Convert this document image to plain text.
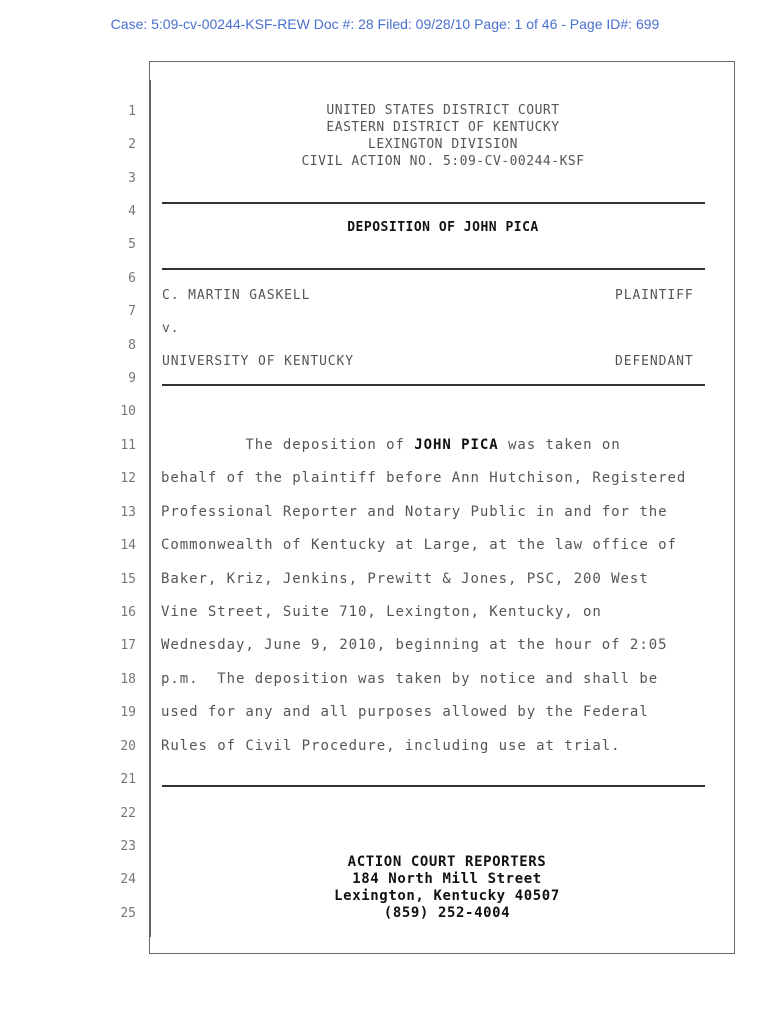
Case: 5:09-cv-00244-KSF-REW Doc #: 28 Filed: 09/28/10 Page: 1 of 46 - Page ID#: 699
1
2
3
4
5
6
7
8
9
10
11
12
13
14
15
16
17
18
19
20
21
22
23
24
25
UNITED STATES DISTRICT COURT
EASTERN DISTRICT OF KENTUCKY
LEXINGTON DIVISION
CIVIL ACTION NO. 5:09-CV-00244-KSF
DEPOSITION OF JOHN PICA
C. MARTIN GASKELL	PLAINTIFF
v.
UNIVERSITY OF KENTUCKY	DEFENDANT
The deposition of JOHN PICA was taken on
behalf of the plaintiff before Ann Hutchison, Registered
Professional Reporter and Notary Public in and for the
Commonwealth of Kentucky at Large, at the law office of
Baker, Kriz, Jenkins, Prewitt & Jones, PSC, 200 West
Vine Street, Suite 710, Lexington, Kentucky, on
Wednesday, June 9, 2010, beginning at the hour of 2:05
p.m.  The deposition was taken by notice and shall be
used for any and all purposes allowed by the Federal
Rules of Civil Procedure, including use at trial.
ACTION COURT REPORTERS
184 North Mill Street
Lexington, Kentucky 40507
(859) 252-4004
